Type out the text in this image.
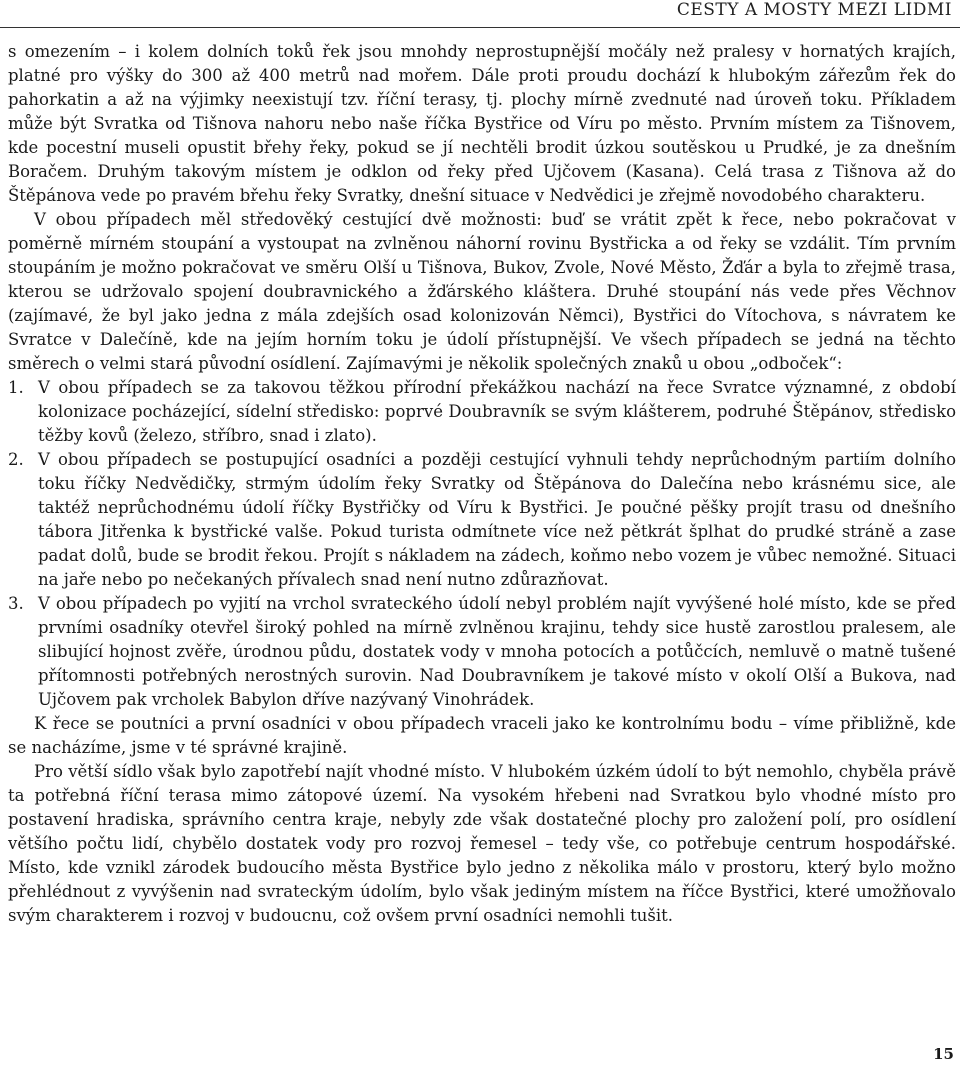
CESTY A MOSTY MEZI LIDMI

s omezením – i kolem dolních toků řek jsou mnohdy neprostupnější močály než pralesy v hornatých krajích, platné pro výšky do 300 až 400 metrů nad mořem. Dále proti proudu dochází k hlubokým zářezům řek do pahorkatin a až na výjimky neexistují tzv. říční terasy, tj. plochy mírně zvednuté nad úroveň toku. Příkladem může být Svratka od Tišnova nahoru nebo naše říčka Bystřice od Víru po město. Prvním místem za Tišnovem, kde pocestní museli opustit břehy řeky, pokud se jí nechtěli brodit úzkou soutěskou u Prudké, je za dnešním Boračem. Druhým takovým místem je odklon od řeky před Ujčovem (Kasana). Celá trasa z Tišnova až do Štěpánova vede po pravém břehu řeky Svratky, dnešní situace v Nedvědici je zřejmě novodobého charakteru.

V obou případech měl středověký cestující dvě možnosti: buď se vrátit zpět k řece, nebo pokračovat v poměrně mírném stoupání a vystoupat na zvlněnou náhorní rovinu Bystřicka a od řeky se vzdálit. Tím prvním stoupáním je možno pokračovat ve směru Olší u Tišnova, Bukov, Zvole, Nové Město, Žďár a byla to zřejmě trasa, kterou se udržovalo spojení doubravnického a žďárského kláštera. Druhé stoupání nás vede přes Věchnov (zajímavé, že byl jako jedna z mála zdejších osad kolonizován Němci), Bystřici do Vítochova, s návratem ke Svratce v Dalečíně, kde na jejím horním toku je údolí přístupnější. Ve všech případech se jedná na těchto směrech o velmi stará původní osídlení. Zajímavými je několik společných znaků u obou „odboček“:

1. V obou případech se za takovou těžkou přírodní překážkou nachází na řece Svratce významné, z období kolonizace pocházející, sídelní středisko: poprvé Doubravník se svým klášterem, podruhé Štěpánov, středisko těžby kovů (železo, stříbro, snad i zlato).
2. V obou případech se postupující osadníci a později cestující vyhnuli tehdy neprůchodným partiím dolního toku říčky Nedvědičky, strmým údolím řeky Svratky od Štěpánova do Dalečína nebo krásnému sice, ale taktéž neprůchodnému údolí říčky Bystřičky od Víru k Bystřici. Je poučné pěšky projít trasu od dnešního tábora Jitřenka k bystřické valše. Pokud turista odmítnete více než pětkrát šplhat do prudké stráně a zase padat dolů, bude se brodit řekou. Projít s nákladem na zádech, koňmo nebo vozem je vůbec nemožné. Situaci na jaře nebo po nečekaných přívalech snad není nutno zdůrazňovat.
3. V obou případech po vyjití na vrchol svrateckého údolí nebyl problém najít vyvýšené holé místo, kde se před prvními osadníky otevřel široký pohled na mírně zvlněnou krajinu, tehdy sice hustě zarostlou pralesem, ale slibující hojnost zvěře, úrodnou půdu, dostatek vody v mnoha potocích a potůčcích, nemluvě o matně tušené přítomnosti potřebných nerostných surovin. Nad Doubravníkem je takové místo v okolí Olší a Bukova, nad Ujčovem pak vrcholek Babylon dříve nazývaný Vinohrádek.

K řece se poutníci a první osadníci v obou případech vraceli jako ke kontrolnímu bodu – víme přibližně, kde se nacházíme, jsme v té správné krajině.

Pro větší sídlo však bylo zapotřebí najít vhodné místo. V hlubokém úzkém údolí to být nemohlo, chyběla právě ta potřebná říční terasa mimo zátopové území. Na vysokém hřebeni nad Svratkou bylo vhodné místo pro postavení hradiska, správního centra kraje, nebyly zde však dostatečné plochy pro založení polí, pro osídlení většího počtu lidí, chybělo dostatek vody pro rozvoj řemesel – tedy vše, co potřebuje centrum hospodářské. Místo, kde vznikl zárodek budoucího města Bystřice bylo jedno z několika málo v prostoru, který bylo možno přehlédnout z vyvýšenin nad svrateckým údolím, bylo však jediným místem na říčce Bystřici, které umožňovalo svým charakterem i rozvoj v budoucnu, což ovšem první osadníci nemohli tušit.

15
